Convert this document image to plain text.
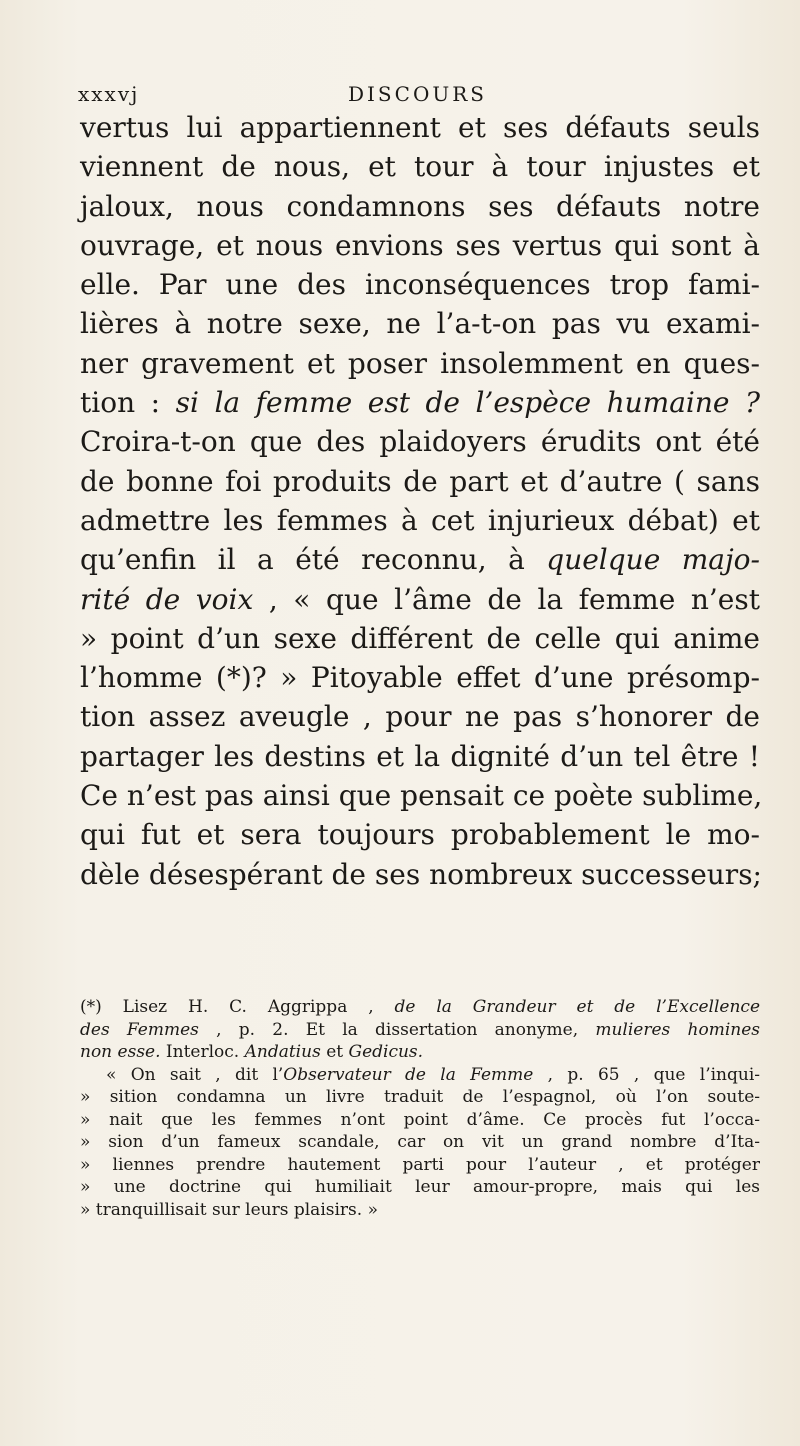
xxxvj	DISCOURS
vertus lui appartiennent et ses défauts seuls
viennent de nous, et tour à tour injustes et
jaloux, nous condamnons ses défauts notre
ouvrage, et nous envions ses vertus qui sont à
elle. Par une des inconséquences trop fami-
lières à notre sexe, ne l’a-t-on pas vu exami-
ner gravement et poser insolemment en ques-
tion : si la femme est de l’espèce humaine ?
Croira-t-on que des plaidoyers érudits ont été
de bonne foi produits de part et d’autre ( sans
admettre les femmes à cet injurieux débat) et
qu’enfin il a été reconnu, à quelque majo-
rité de voix , « que l’âme de la femme n’est
» point d’un sexe différent de celle qui anime
l’homme (*)? » Pitoyable effet d’une présomp-
tion assez aveugle , pour ne pas s’honorer de
partager les destins et la dignité d’un tel être !
Ce n’est pas ainsi que pensait ce poète sublime,
qui fut et sera toujours probablement le mo-
dèle désespérant de ses nombreux successeurs;
(*) Lisez H. C. Aggrippa , de la Grandeur et de l’Excellence
des Femmes , p. 2. Et la dissertation anonyme, mulieres homines
non esse. Interloc. Andatius et Gedicus.
« On sait , dit l’Observateur de la Femme , p. 65 , que l’inqui-
» sition condamna un livre traduit de l’espagnol, où l’on soute-
» nait que les femmes n’ont point d’âme. Ce procès fut l’occa-
» sion d’un fameux scandale, car on vit un grand nombre d’Ita-
» liennes prendre hautement parti pour l’auteur , et protéger
» une doctrine qui humiliait leur amour-propre, mais qui les
» tranquillisait sur leurs plaisirs. »
